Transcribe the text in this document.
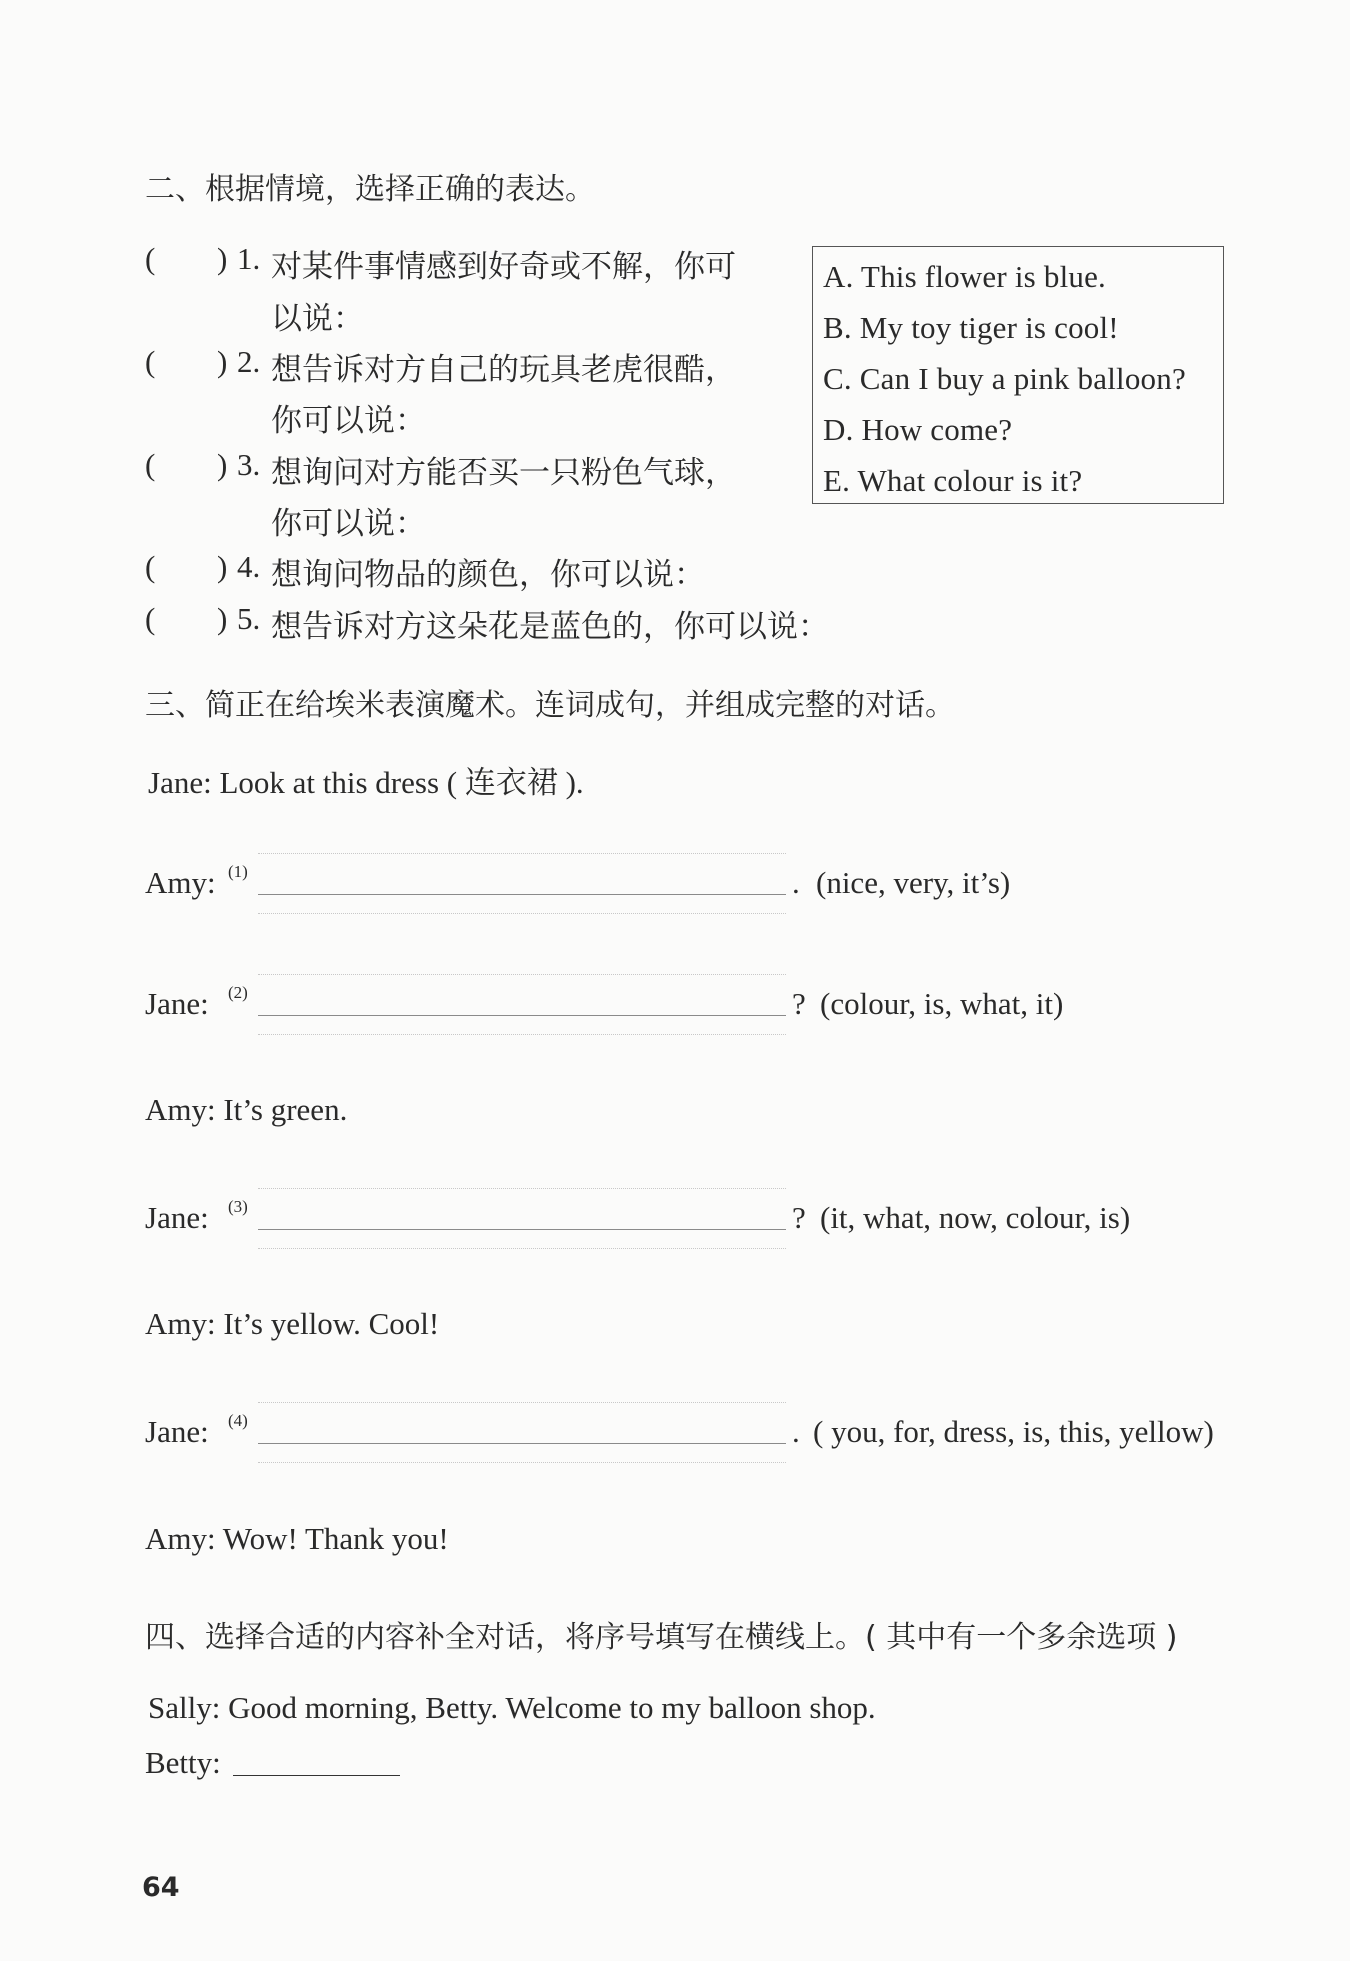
二、根据情境，选择正确的表达。
( ) 1. 对某件事情感到好奇或不解，你可
以说：
( ) 2. 想告诉对方自己的玩具老虎很酷，
你可以说：
( ) 3. 想询问对方能否买一只粉色气球，
你可以说：
( ) 4. 想询问物品的颜色，你可以说：
( ) 5. 想告诉对方这朵花是蓝色的，你可以说：
A. This flower is blue.
B. My toy tiger is cool!
C. Can I buy a pink balloon?
D. How come?
E. What colour is it?
三、简正在给埃米表演魔术。连词成句，并组成完整的对话。
Jane: Look at this dress ( 连衣裙 ).
Amy: (1)	. (nice, very, it’s)
Jane: (2)	? (colour, is, what, it)
Amy: It’s green.
Jane: (3)	? (it, what, now, colour, is)
Amy: It’s yellow. Cool!
Jane: (4)	. ( you, for, dress, is, this, yellow)
Amy: Wow! Thank you!
四、选择合适的内容补全对话，将序号填写在横线上。( 其中有一个多余选项 )
Sally: Good morning, Betty. Welcome to my balloon shop.
Betty:
64
